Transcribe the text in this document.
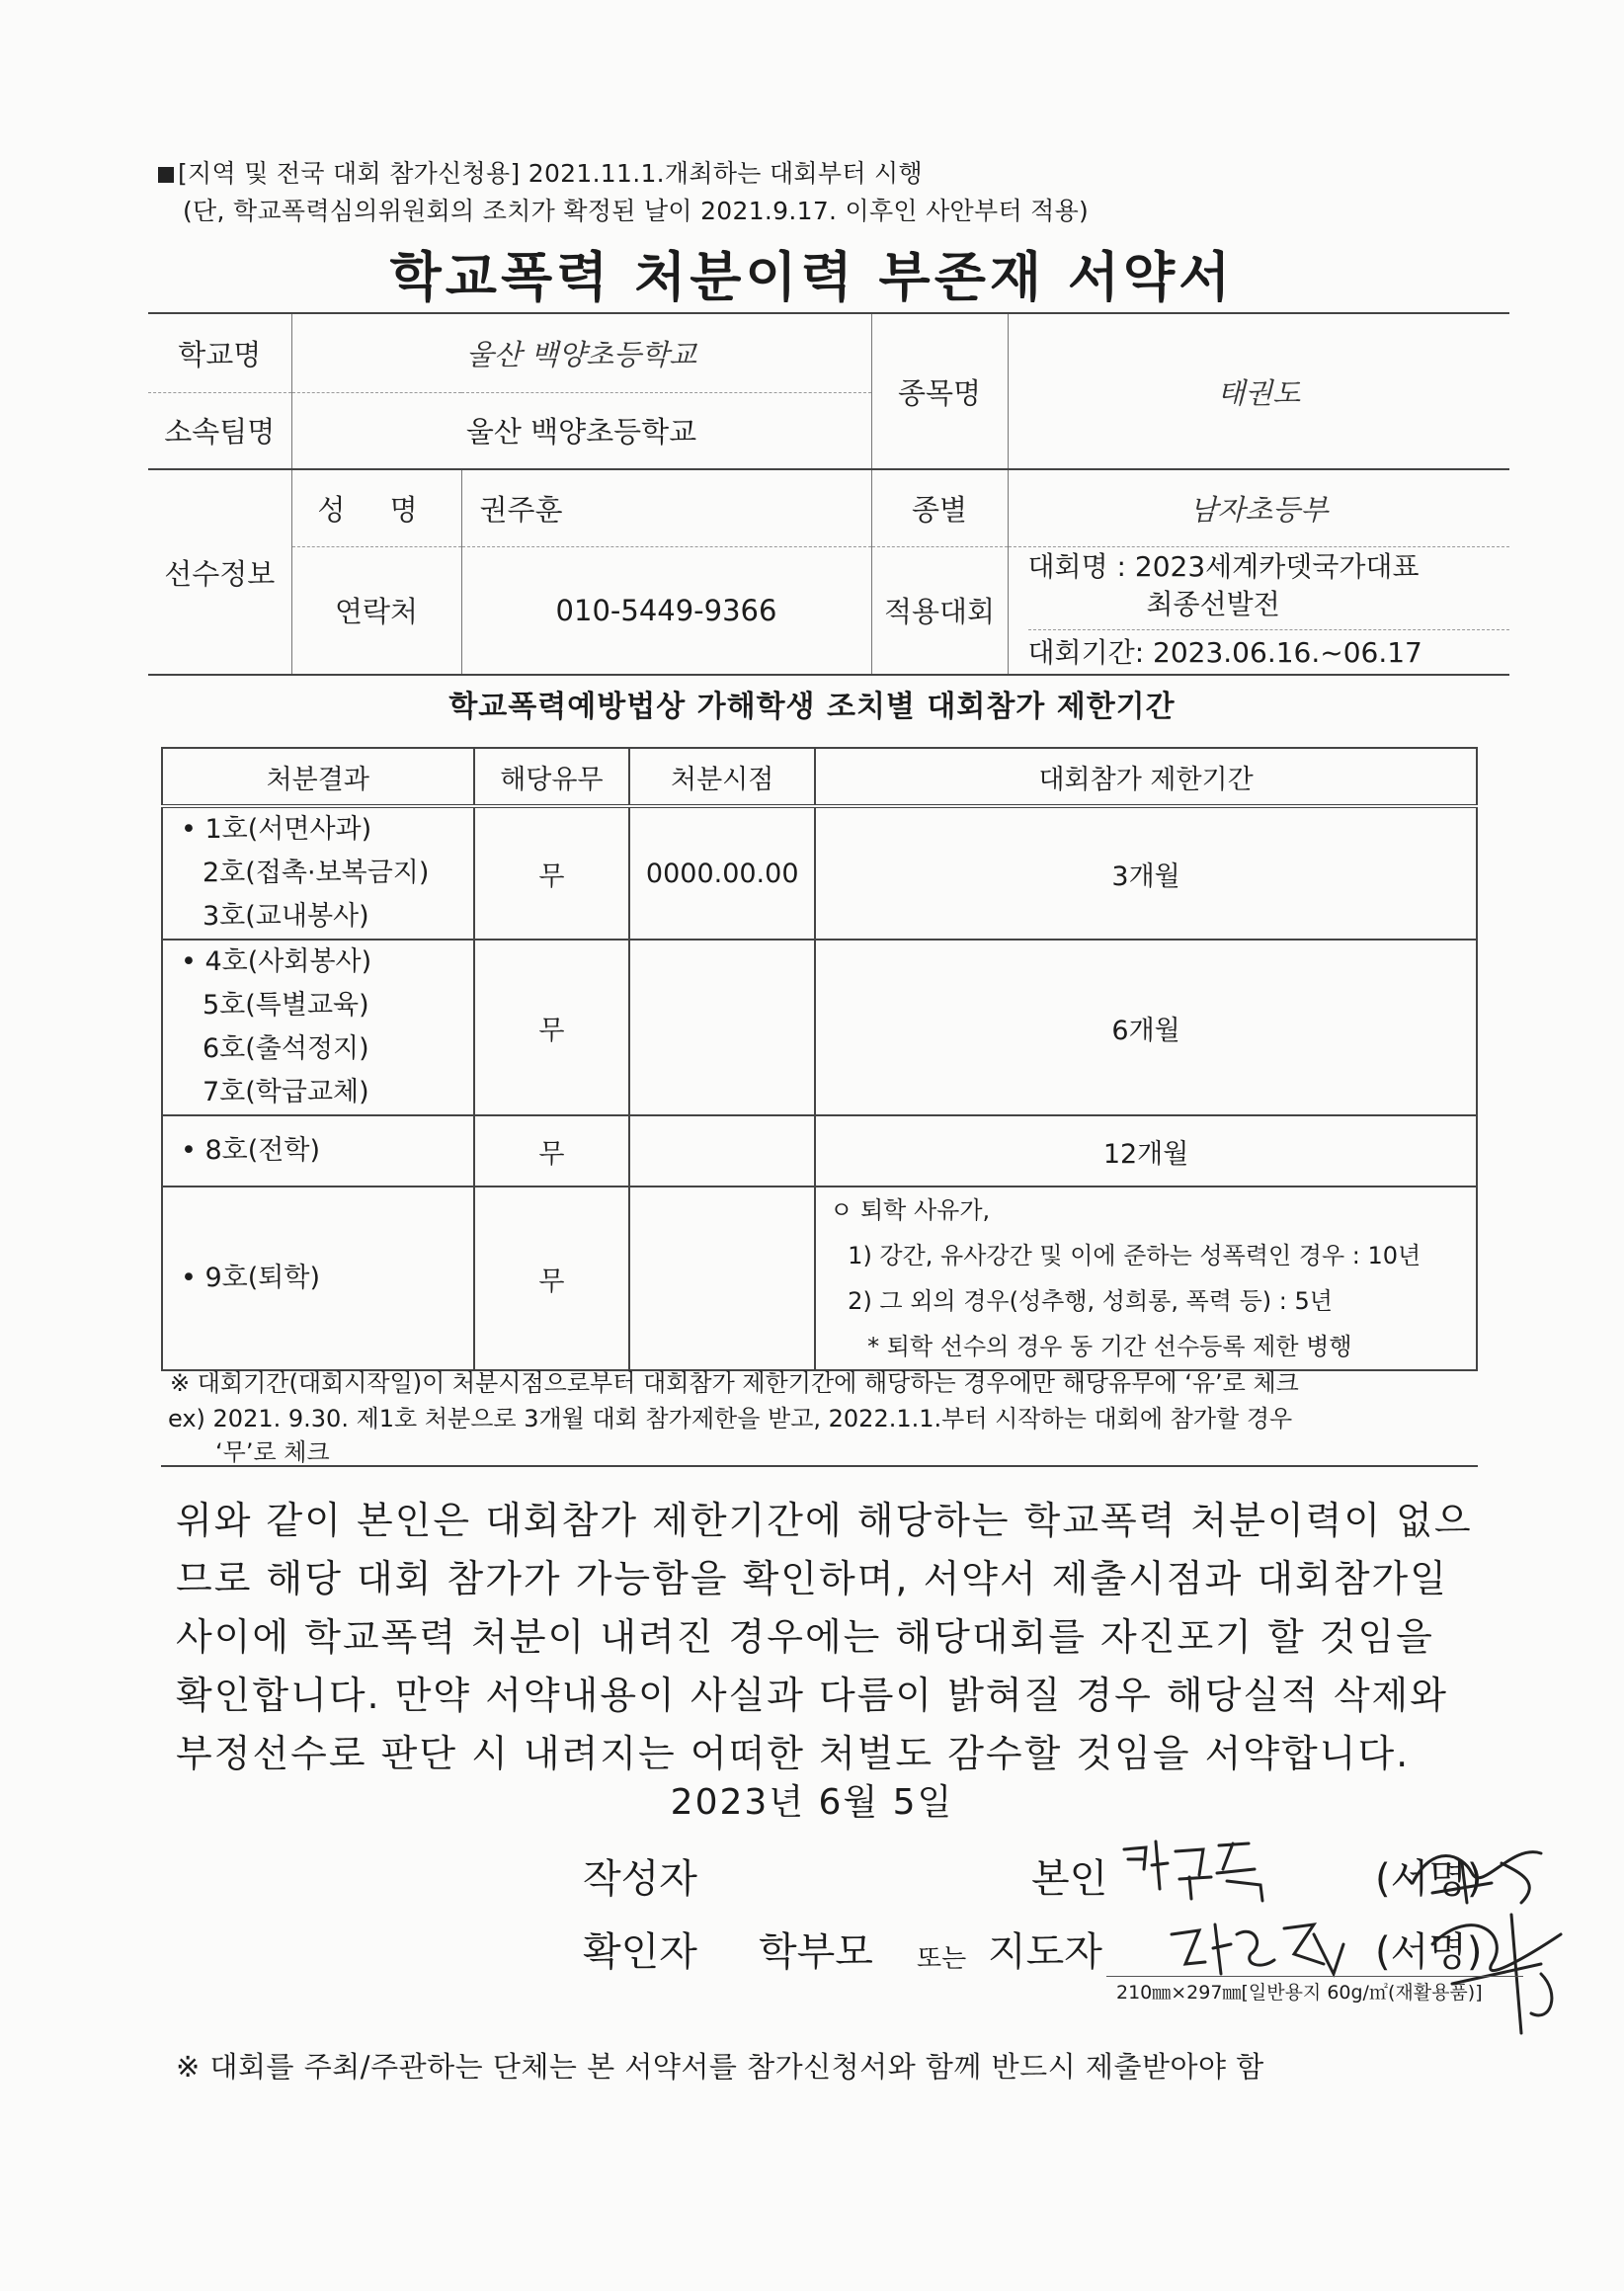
[지역 및 전국 대회 참가신청용] 2021.11.1.개최하는 대회부터 시행
(단, 학교폭력심의위원회의 조치가 확정된 날이 2021.9.17. 이후인 사안부터 적용)
학교폭력 처분이력 부존재 서약서
학교명	울산 백양초등학교		종목명	태권도
소속팀명	울산 백양초등학교			
선수정보	성 명	권주훈	종별	남자초등부
	연락처	010-5449-9366	적용대회	대회명 : 2023세계카뎃국가대표
최종선발전
대회기간: 2023.06.16.~06.17
학교폭력예방법상 가해학생 조치별 대회참가 제한기간
처분결과	해당유무	처분시점	대회참가 제한기간

• 1호(서면사과)
2호(접촉·보복금지)
3호(교내봉사)	무	0000.00.00	3개월

• 4호(사회봉사)
5호(특별교육)
6호(출석정지)
7호(학급교체)	무		6개월

• 8호(전학)	무		12개월

• 9호(퇴학)	무		ㅇ 퇴학 사유가,
1) 강간, 유사강간 및 이에 준하는 성폭력인 경우 : 10년
2) 그 외의 경우(성추행, 성희롱, 폭력 등) : 5년
* 퇴학 선수의 경우 동 기간 선수등록 제한 병행
※ 대회기간(대회시작일)이 처분시점으로부터 대회참가 제한기간에 해당하는 경우에만 해당유무에 ‘유’로 체크
ex) 2021. 9.30. 제1호 처분으로 3개월 대회 참가제한을 받고, 2022.1.1.부터 시작하는 대회에 참가할 경우
‘무’로 체크
위와 같이 본인은 대회참가 제한기간에 해당하는 학교폭력 처분이력이 없으
므로 해당 대회 참가가 가능함을 확인하며, 서약서 제출시점과 대회참가일
사이에 학교폭력 처분이 내려진 경우에는 해당대회를 자진포기 할 것임을
확인합니다. 만약 서약내용이 사실과 다름이 밝혀질 경우 해당실적 삭제와
부정선수로 판단 시 내려지는 어떠한 처벌도 감수할 것임을 서약합니다.
2023년 6월 5일
작성자	본인	(서명)
확인자 학부모 또는 지도자	(서명)
210㎜×297㎜[일반용지 60g/㎡(재활용품)]
※ 대회를 주최/주관하는 단체는 본 서약서를 참가신청서와 함께 반드시 제출받아야 함
